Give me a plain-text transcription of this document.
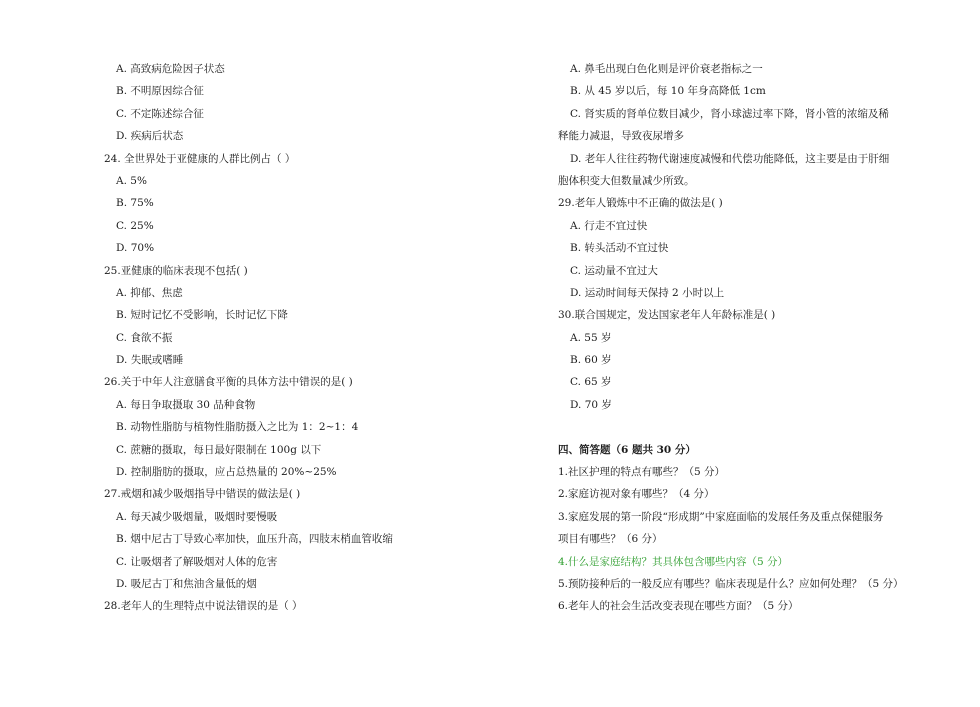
A. 高致病危险因子状态
B. 不明原因综合征
C. 不定陈述综合征
D. 疾病后状态
24. 全世界处于亚健康的人群比例占（ ）
A. 5%
B. 75%
C. 25%
D. 70%
25.亚健康的临床表现不包括( )
A. 抑郁、焦虑
B. 短时记忆不受影响，长时记忆下降
C. 食欲不振
D. 失眠或嗜睡
26.关于中年人注意膳食平衡的具体方法中错误的是( )
A. 每日争取摄取 30 品种食物
B. 动物性脂肪与植物性脂肪摄入之比为 1：2~1：4
C. 蔗糖的摄取，每日最好限制在 100g 以下
D. 控制脂肪的摄取，应占总热量的 20%~25%
27.戒烟和减少吸烟指导中错误的做法是( )
A. 每天减少吸烟量，吸烟时要慢吸
B. 烟中尼古丁导致心率加快，血压升高，四肢末梢血管收缩
C. 让吸烟者了解吸烟对人体的危害
D. 吸尼古丁和焦油含量低的烟
28.老年人的生理特点中说法错误的是（ ）
A. 鼻毛出现白色化则是评价衰老指标之一
B. 从 45 岁以后，每 10 年身高降低 1cm
C. 肾实质的肾单位数目减少，肾小球滤过率下降，肾小管的浓缩及稀
释能力减退，导致夜尿增多
D. 老年人往往药物代谢速度减慢和代偿功能降低，这主要是由于肝细
胞体积变大但数量减少所致。
29.老年人锻炼中不正确的做法是( )
A. 行走不宜过快
B. 转头活动不宜过快
C. 运动量不宜过大
D. 运动时间每天保持 2 小时以上
30.联合国规定，发达国家老年人年龄标准是( )
A. 55 岁
B. 60 岁
C. 65 岁
D. 70 岁
四、简答题（6 题共 30 分）
1.社区护理的特点有哪些？（5 分）
2.家庭访视对象有哪些？（4 分）
3.家庭发展的第一阶段“形成期”中家庭面临的发展任务及重点保健服务
项目有哪些？（6 分）
4.什么是家庭结构？其具体包含哪些内容（5 分）
5.预防接种后的一般反应有哪些？临床表现是什么？应如何处理？（5 分）
6.老年人的社会生活改变表现在哪些方面？（5 分）
